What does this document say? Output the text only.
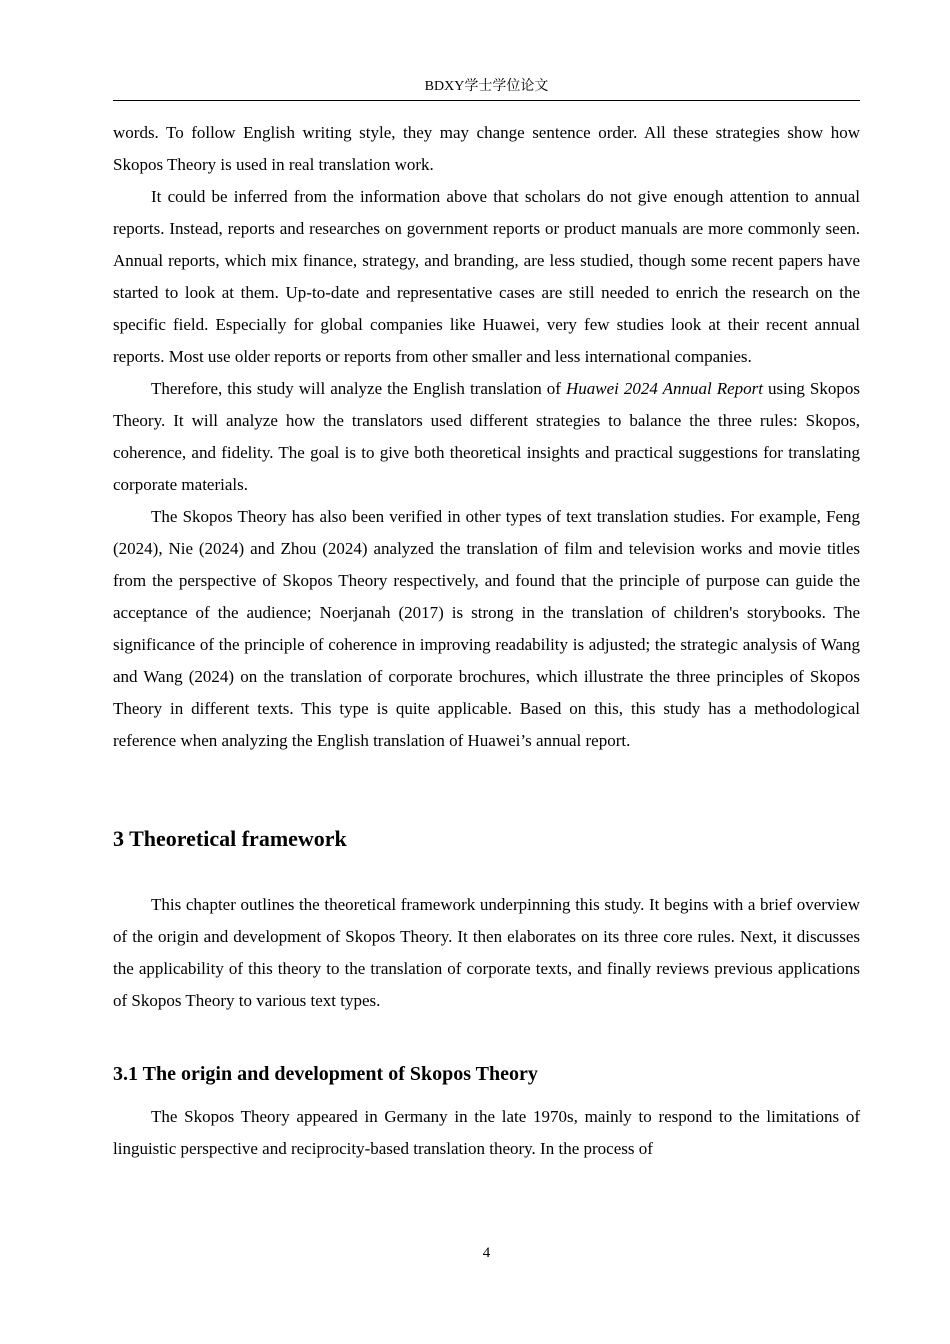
BDXY学士学位论文

words. To follow English writing style, they may change sentence order. All these strategies show how Skopos Theory is used in real translation work.

It could be inferred from the information above that scholars do not give enough attention to annual reports. Instead, reports and researches on government reports or product manuals are more commonly seen. Annual reports, which mix finance, strategy, and branding, are less studied, though some recent papers have started to look at them. Up-to-date and representative cases are still needed to enrich the research on the specific field. Especially for global companies like Huawei, very few studies look at their recent annual reports. Most use older reports or reports from other smaller and less international companies.

Therefore, this study will analyze the English translation of Huawei 2024 Annual Report using Skopos Theory. It will analyze how the translators used different strategies to balance the three rules: Skopos, coherence, and fidelity. The goal is to give both theoretical insights and practical suggestions for translating corporate materials.

The Skopos Theory has also been verified in other types of text translation studies. For example, Feng (2024), Nie (2024) and Zhou (2024) analyzed the translation of film and television works and movie titles from the perspective of Skopos Theory respectively, and found that the principle of purpose can guide the acceptance of the audience; Noerjanah (2017) is strong in the translation of children's storybooks. The significance of the principle of coherence in improving readability is adjusted; the strategic analysis of Wang and Wang (2024) on the translation of corporate brochures, which illustrate the three principles of Skopos Theory in different texts. This type is quite applicable. Based on this, this study has a methodological reference when analyzing the English translation of Huawei’s annual report.

3 Theoretical framework

This chapter outlines the theoretical framework underpinning this study. It begins with a brief overview of the origin and development of Skopos Theory. It then elaborates on its three core rules. Next, it discusses the applicability of this theory to the translation of corporate texts, and finally reviews previous applications of Skopos Theory to various text types.

3.1 The origin and development of Skopos Theory

The Skopos Theory appeared in Germany in the late 1970s, mainly to respond to the limitations of linguistic perspective and reciprocity-based translation theory. In the process of

4
